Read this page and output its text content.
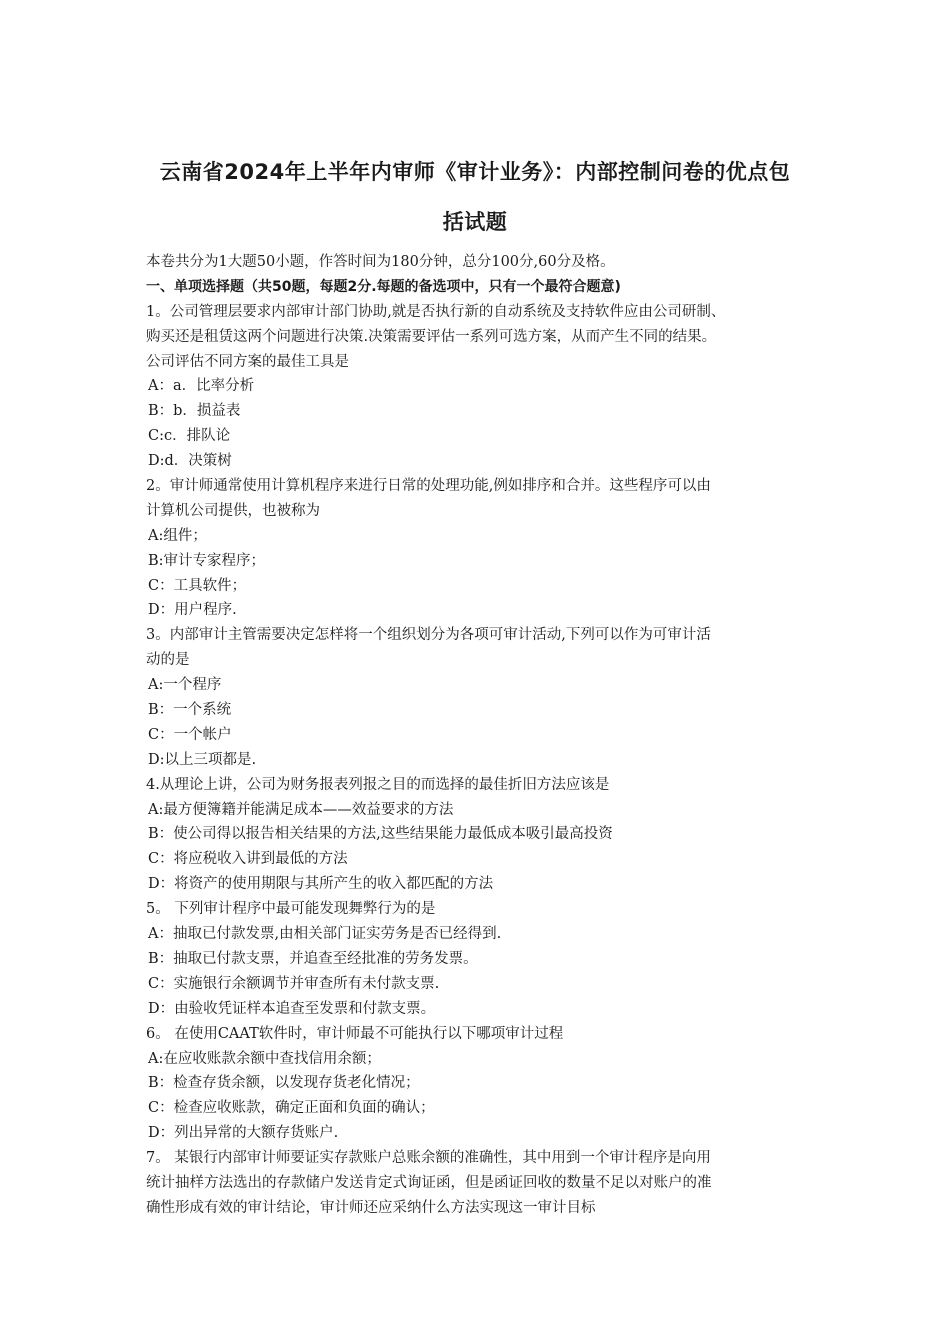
云南省2024年上半年内审师《审计业务》：内部控制问卷的优点包
括试题
本卷共分为1大题50小题，作答时间为180分钟，总分100分,60分及格。
一、单项选择题（共50题，每题2分.每题的备选项中，只有一个最符合题意)
1。公司管理层要求内部审计部门协助,就是否执行新的自动系统及支持软件应由公司研制、
购买还是租赁这两个问题进行决策.决策需要评估一系列可选方案，从而产生不同的结果。
公司评估不同方案的最佳工具是
A：a．比率分析
B：b．损益表
C:c．排队论
D:d．决策树
2。审计师通常使用计算机程序来进行日常的处理功能,例如排序和合并。这些程序可以由
计算机公司提供，也被称为
A:组件；
B:审计专家程序；
C：工具软件；
D：用户程序.
3。内部审计主管需要决定怎样将一个组织划分为各项可审计活动,下列可以作为可审计活
动的是
A:一个程序
B：一个系统
C：一个帐户
D:以上三项都是.
4.从理论上讲，公司为财务报表列报之目的而选择的最佳折旧方法应该是
A:最方便簿籍并能满足成本——效益要求的方法
B：使公司得以报告相关结果的方法,这些结果能力最低成本吸引最高投资
C：将应税收入讲到最低的方法
D：将资产的使用期限与其所产生的收入都匹配的方法
5。 下列审计程序中最可能发现舞弊行为的是
A：抽取已付款发票,由相关部门证实劳务是否已经得到.
B：抽取已付款支票，并追查至经批准的劳务发票。
C：实施银行余额调节并审查所有未付款支票.
D：由验收凭证样本追查至发票和付款支票。
6。 在使用CAAT软件时，审计师最不可能执行以下哪项审计过程
A:在应收账款余额中查找信用余额；
B：检查存货余额，以发现存货老化情况；
C：检查应收账款，确定正面和负面的确认；
D：列出异常的大额存货账户.
7。 某银行内部审计师要证实存款账户总账余额的准确性，其中用到一个审计程序是向用
统计抽样方法选出的存款储户发送肯定式询证函，但是函证回收的数量不足以对账户的准
确性形成有效的审计结论，审计师还应采纳什么方法实现这一审计目标
